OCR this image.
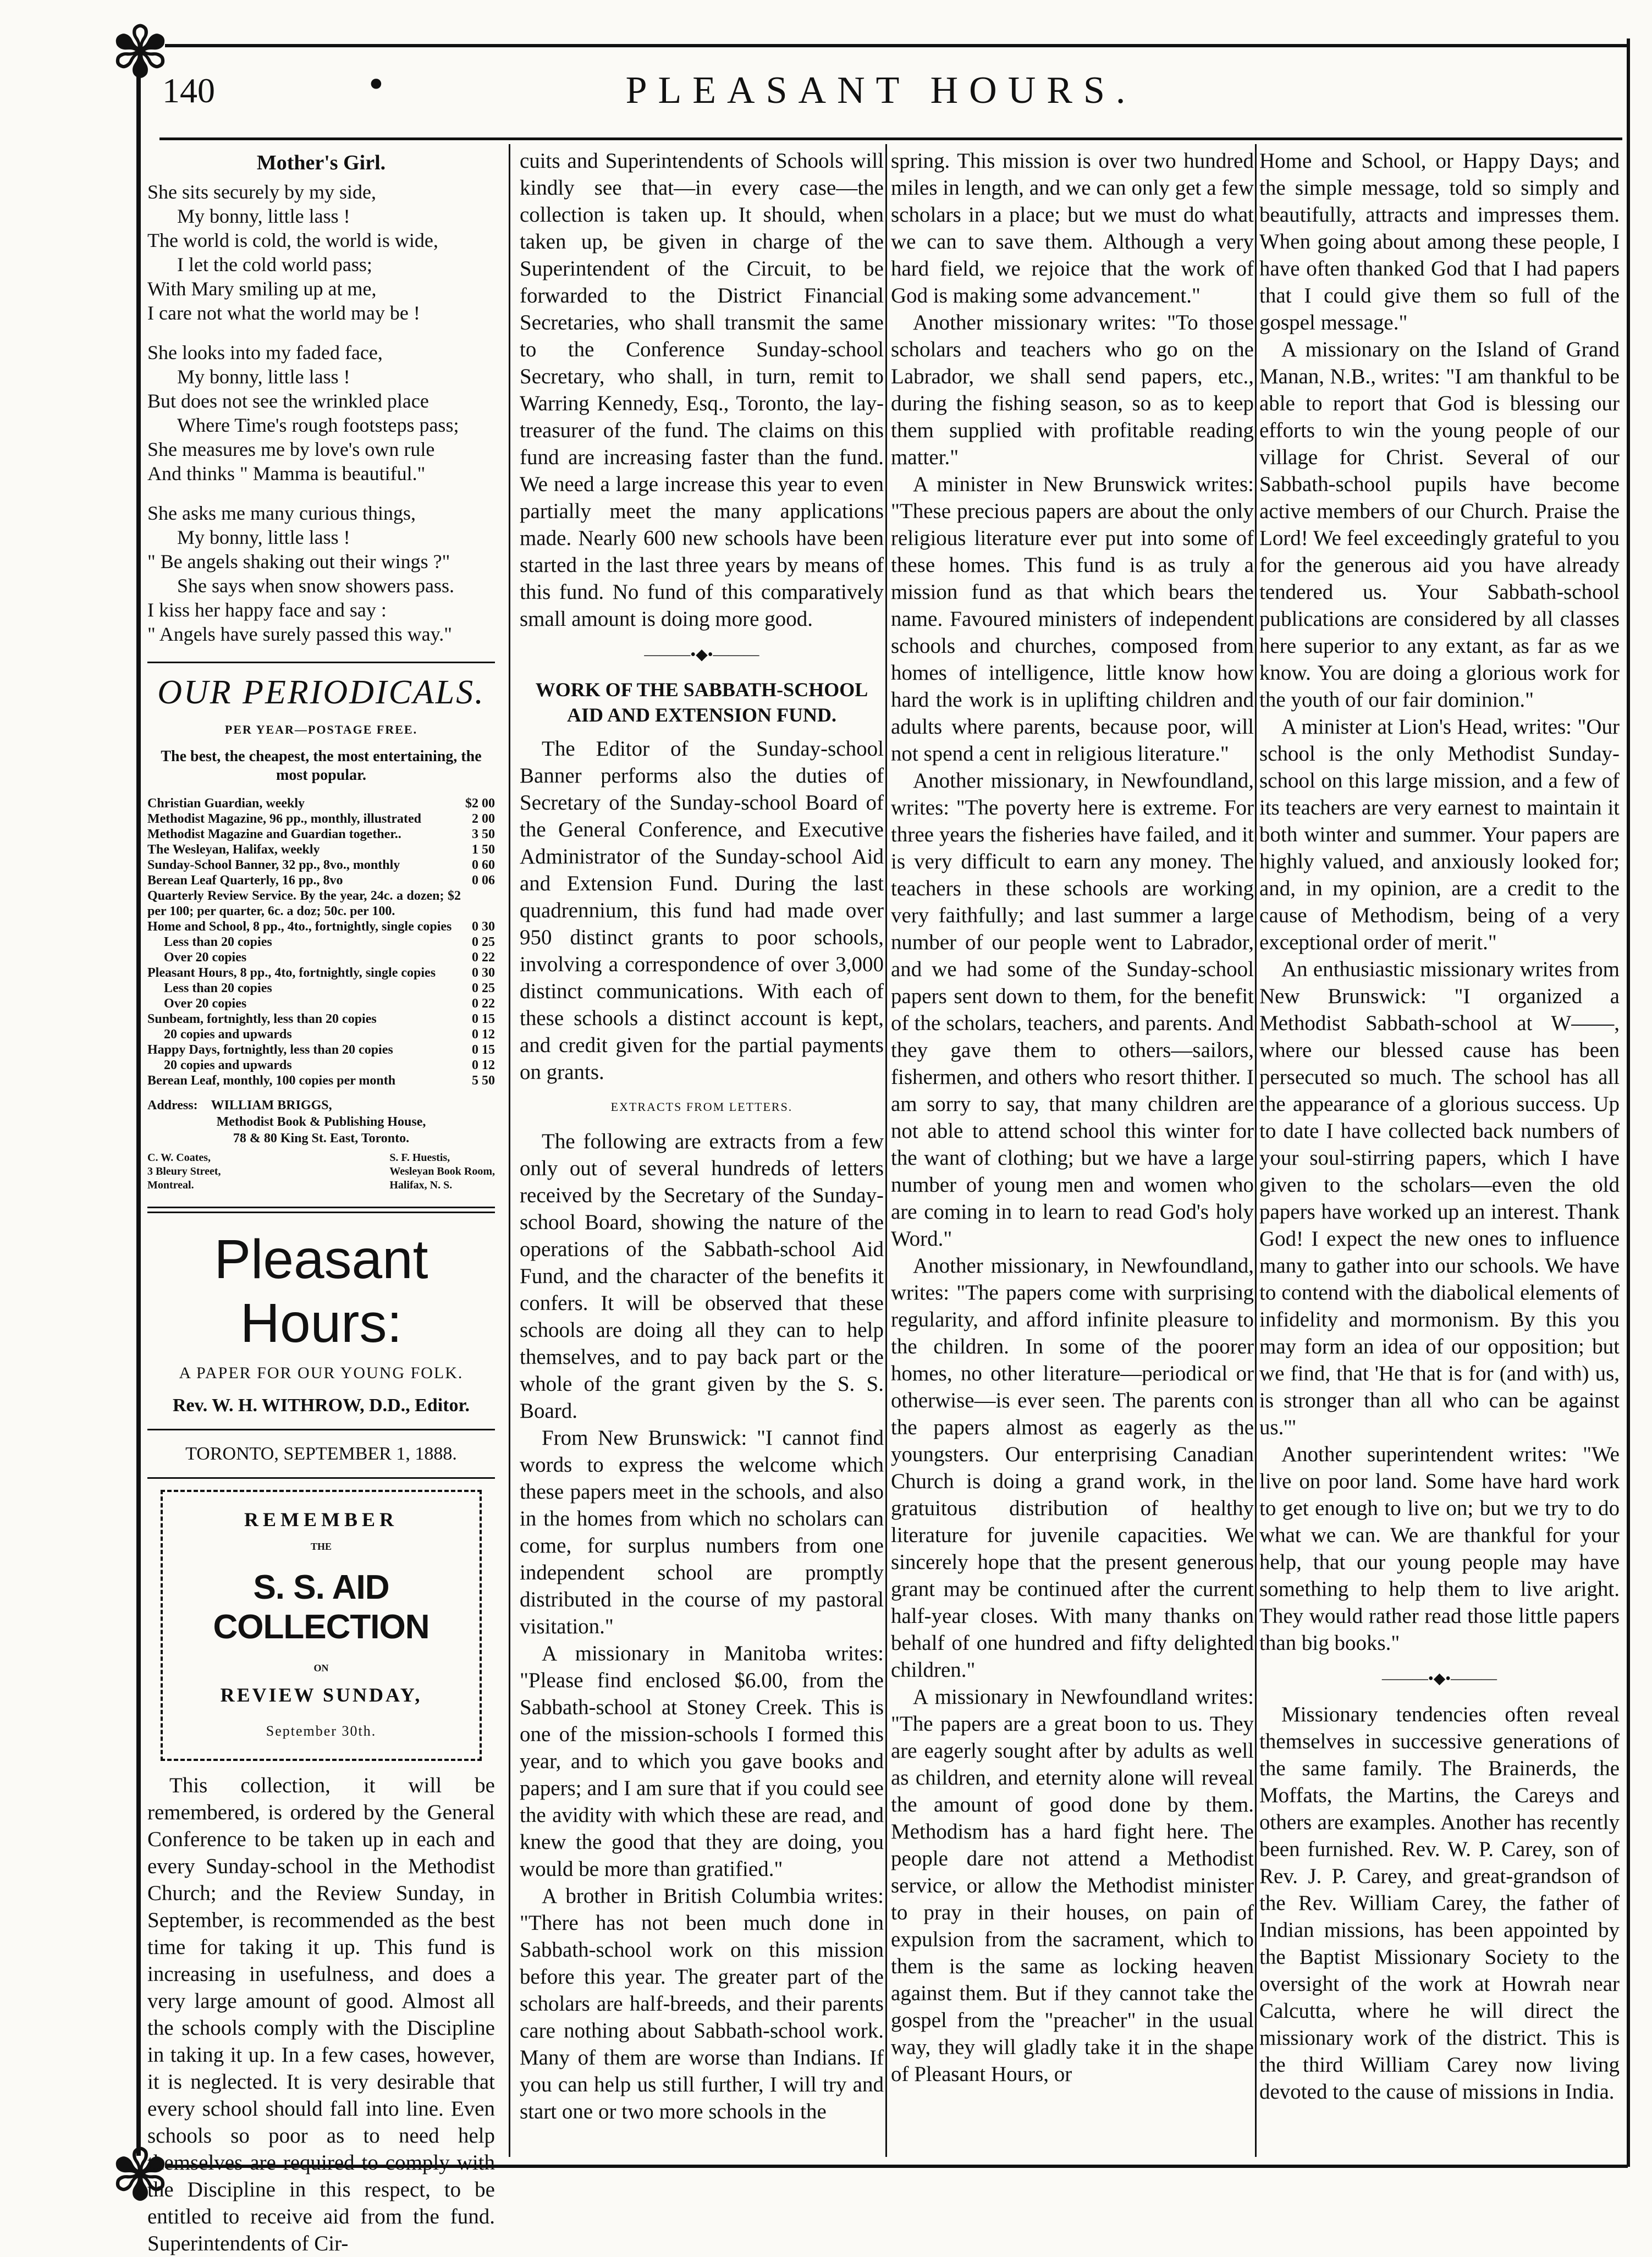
✾
✾
140	•	PLEASANT HOURS.
Mother's Girl.
She sits securely by my side,
My bonny, little lass !
The world is cold, the world is wide,
I let the cold world pass;
With Mary smiling up at me,
I care not what the world may be !
She looks into my faded face,
My bonny, little lass !
But does not see the wrinkled place
Where Time's rough footsteps pass;
She measures me by love's own rule
And thinks " Mamma is beautiful."
She asks me many curious things,
My bonny, little lass !
" Be angels shaking out their wings ?"
She says when snow showers pass.
I kiss her happy face and say :
" Angels have surely passed this way."
OUR PERIODICALS.
PER YEAR—POSTAGE FREE.
The best, the cheapest, the most entertaining, the most popular.
Christian Guardian, weekly	$2 00
Methodist Magazine, 96 pp., monthly, illustrated	2 00
Methodist Magazine and Guardian together..	3 50
The Wesleyan, Halifax, weekly	1 50
Sunday-School Banner, 32 pp., 8vo., monthly	0 60
Berean Leaf Quarterly, 16 pp., 8vo	0 06
Quarterly Review Service. By the year, 24c. a dozen; $2 per 100; per quarter, 6c. a doz; 50c. per 100.
Home and School, 8 pp., 4to., fortnightly, single copies	0 30
Less than 20 copies	0 25
Over 20 copies	0 22
Pleasant Hours, 8 pp., 4to, fortnightly, single copies	0 30
Less than 20 copies	0 25
Over 20 copies	0 22
Sunbeam, fortnightly, less than 20 copies	0 15
20 copies and upwards	0 12
Happy Days, fortnightly, less than 20 copies	0 15
20 copies and upwards	0 12
Berean Leaf, monthly, 100 copies per month	5 50
Address: WILLIAM BRIGGS,
Methodist Book & Publishing House,
78 & 80 King St. East, Toronto.
C. W. Coates,
3 Bleury Street,
Montreal.
S. F. Huestis,
Wesleyan Book Room,
Halifax, N. S.
Pleasant Hours:
A PAPER FOR OUR YOUNG FOLK.
Rev. W. H. WITHROW, D.D., Editor.
TORONTO, SEPTEMBER 1, 1888.
REMEMBER
THE
S. S. AID COLLECTION
ON
REVIEW SUNDAY,
September 30th.

This collection, it will be remembered, is ordered by the General Conference to be taken up in each and every Sunday-school in the Methodist Church; and the Review Sunday, in September, is recommended as the best time for taking it up. This fund is increasing in usefulness, and does a very large amount of good. Almost all the schools comply with the Discipline in taking it up. In a few cases, however, it is neglected. It is very desirable that every school should fall into line. Even schools so poor as to need help themselves are required to comply with the Discipline in this respect, to be entitled to receive aid from the fund. Superintendents of Cir-

cuits and Superintendents of Schools will kindly see that—in every case—the collection is taken up. It should, when taken up, be given in charge of the Superintendent of the Circuit, to be forwarded to the District Financial Secretaries, who shall transmit the same to the Conference Sunday-school Secretary, who shall, in turn, remit to Warring Kennedy, Esq., Toronto, the lay-treasurer of the fund. The claims on this fund are increasing faster than the fund. We need a large increase this year to even partially meet the many applications made. Nearly 600 new schools have been started in the last three years by means of this fund. No fund of this comparatively small amount is doing more good.

———•◆•———
WORK OF THE SABBATH-SCHOOL AID AND EXTENSION FUND.

The Editor of the Sunday-school Banner performs also the duties of Secretary of the Sunday-school Board of the General Conference, and Executive Administrator of the Sunday-school Aid and Extension Fund. During the last quadrennium, this fund had made over 950 distinct grants to poor schools, involving a correspondence of over 3,000 distinct communications. With each of these schools a distinct account is kept, and credit given for the partial payments on grants.

EXTRACTS FROM LETTERS.

The following are extracts from a few only out of several hundreds of letters received by the Secretary of the Sunday-school Board, showing the nature of the operations of the Sabbath-school Aid Fund, and the character of the benefits it confers. It will be observed that these schools are doing all they can to help themselves, and to pay back part or the whole of the grant given by the S. S. Board.

From New Brunswick: "I cannot find words to express the welcome which these papers meet in the schools, and also in the homes from which no scholars can come, for surplus numbers from one independent school are promptly distributed in the course of my pastoral visitation."

A missionary in Manitoba writes: "Please find enclosed $6.00, from the Sabbath-school at Stoney Creek. This is one of the mission-schools I formed this year, and to which you gave books and papers; and I am sure that if you could see the avidity with which these are read, and knew the good that they are doing, you would be more than gratified."

A brother in British Columbia writes: "There has not been much done in Sabbath-school work on this mission before this year. The greater part of the scholars are half-breeds, and their parents care nothing about Sabbath-school work. Many of them are worse than Indians. If you can help us still further, I will try and start one or two more schools in the

spring. This mission is over two hundred miles in length, and we can only get a few scholars in a place; but we must do what we can to save them. Although a very hard field, we rejoice that the work of God is making some advancement."

Another missionary writes: "To those scholars and teachers who go on the Labrador, we shall send papers, etc., during the fishing season, so as to keep them supplied with profitable reading matter."

A minister in New Brunswick writes: "These precious papers are about the only religious literature ever put into some of these homes. This fund is as truly a mission fund as that which bears the name. Favoured ministers of independent schools and churches, composed from homes of intelligence, little know how hard the work is in uplifting children and adults where parents, because poor, will not spend a cent in religious literature."

Another missionary, in Newfoundland, writes: "The poverty here is extreme. For three years the fisheries have failed, and it is very difficult to earn any money. The teachers in these schools are working very faithfully; and last summer a large number of our people went to Labrador, and we had some of the Sunday-school papers sent down to them, for the benefit of the scholars, teachers, and parents. And they gave them to others—sailors, fishermen, and others who resort thither. I am sorry to say, that many children are not able to attend school this winter for the want of clothing; but we have a large number of young men and women who are coming in to learn to read God's holy Word."

Another missionary, in Newfoundland, writes: "The papers come with surprising regularity, and afford infinite pleasure to the children. In some of the poorer homes, no other literature—periodical or otherwise—is ever seen. The parents con the papers almost as eagerly as the youngsters. Our enterprising Canadian Church is doing a grand work, in the gratuitous distribution of healthy literature for juvenile capacities. We sincerely hope that the present generous grant may be continued after the current half-year closes. With many thanks on behalf of one hundred and fifty delighted children."

A missionary in Newfoundland writes: "The papers are a great boon to us. They are eagerly sought after by adults as well as children, and eternity alone will reveal the amount of good done by them. Methodism has a hard fight here. The people dare not attend a Methodist service, or allow the Methodist minister to pray in their houses, on pain of expulsion from the sacrament, which to them is the same as locking heaven against them. But if they cannot take the gospel from the "preacher" in the usual way, they will gladly take it in the shape of Pleasant Hours, or

Home and School, or Happy Days; and the simple message, told so simply and beautifully, attracts and impresses them. When going about among these people, I have often thanked God that I had papers that I could give them so full of the gospel message."

A missionary on the Island of Grand Manan, N.B., writes: "I am thankful to be able to report that God is blessing our efforts to win the young people of our village for Christ. Several of our Sabbath-school pupils have become active members of our Church. Praise the Lord! We feel exceedingly grateful to you for the generous aid you have already tendered us. Your Sabbath-school publications are considered by all classes here superior to any extant, as far as we know. You are doing a glorious work for the youth of our fair dominion."

A minister at Lion's Head, writes: "Our school is the only Methodist Sunday-school on this large mission, and a few of its teachers are very earnest to maintain it both winter and summer. Your papers are highly valued, and anxiously looked for; and, in my opinion, are a credit to the cause of Methodism, being of a very exceptional order of merit."

An enthusiastic missionary writes from New Brunswick: "I organized a Methodist Sabbath-school at W——, where our blessed cause has been persecuted so much. The school has all the appearance of a glorious success. Up to date I have collected back numbers of your soul-stirring papers, which I have given to the scholars—even the old papers have worked up an interest. Thank God! I expect the new ones to influence many to gather into our schools. We have to contend with the diabolical elements of infidelity and mormonism. By this you may form an idea of our opposition; but we find, that 'He that is for (and with) us, is stronger than all who can be against us.'"

Another superintendent writes: "We live on poor land. Some have hard work to get enough to live on; but we try to do what we can. We are thankful for your help, that our young people may have something to help them to live aright. They would rather read those little papers than big books."

———•◆•———

Missionary tendencies often reveal themselves in successive generations of the same family. The Brainerds, the Moffats, the Martins, the Careys and others are examples. Another has recently been furnished. Rev. W. P. Carey, son of Rev. J. P. Carey, and great-grandson of the Rev. William Carey, the father of Indian missions, has been appointed by the Baptist Missionary Society to the oversight of the work at Howrah near Calcutta, where he will direct the missionary work of the district. This is the third William Carey now living devoted to the cause of missions in India.
